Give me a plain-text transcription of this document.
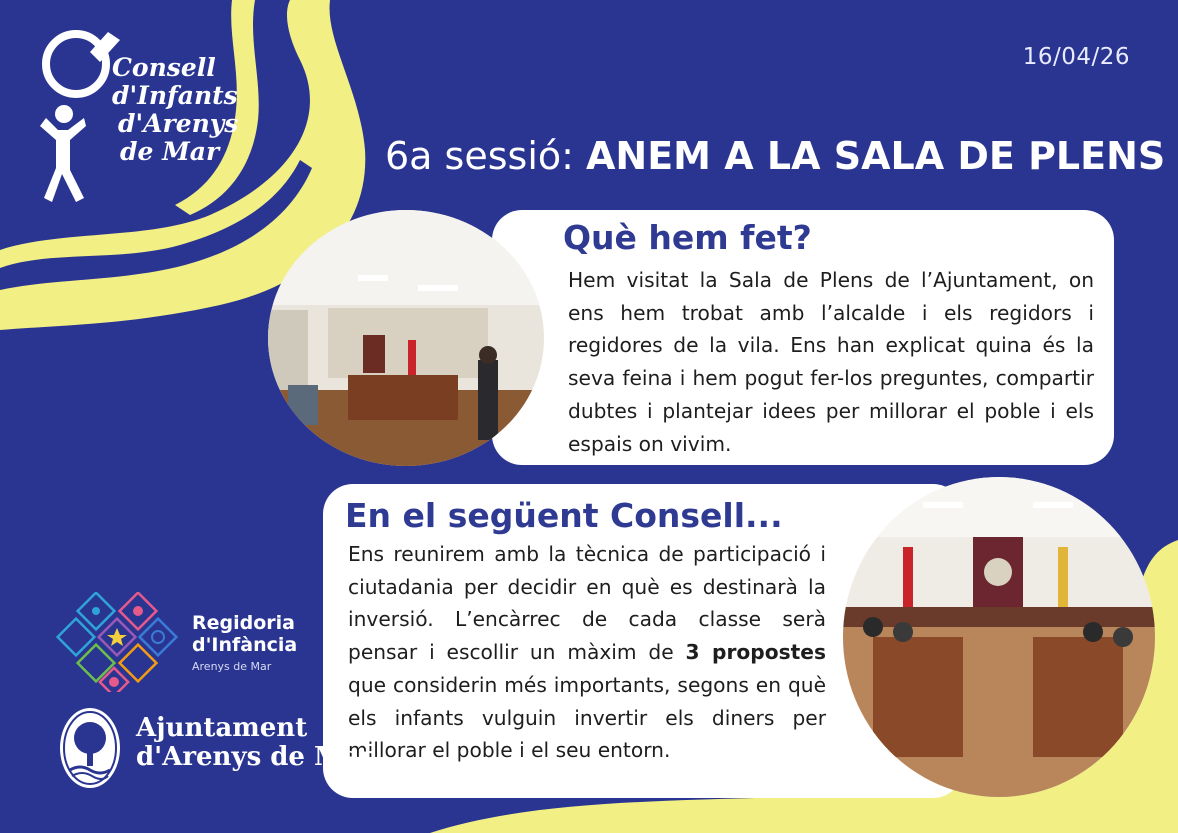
Consell
d'Infants
d'Arenys
de Mar
16/04/26
6a sessió: ANEM A LA SALA DE PLENS
Què hem fet?
Hem visitat la Sala de Plens de l’Ajuntament, on ens hem trobat amb l’alcalde i els regidors i regidores de la vila. Ens han explicat quina és la seva feina i hem pogut fer-los preguntes, compartir dubtes i plantejar idees per millorar el poble i els espais on vivim.
En el següent Consell...
Ens reunirem amb la tècnica de participació i ciutadania per decidir en què es destinarà la inversió. L’encàrrec de cada classe serà pensar i escollir un màxim de 3 propostes que considerin més importants, segons en què els infants vulguin invertir els diners per millorar el poble i el seu entorn.
Regidoria
d'Infància
Arenys de Mar
Ajuntament
d'Arenys de Mar
